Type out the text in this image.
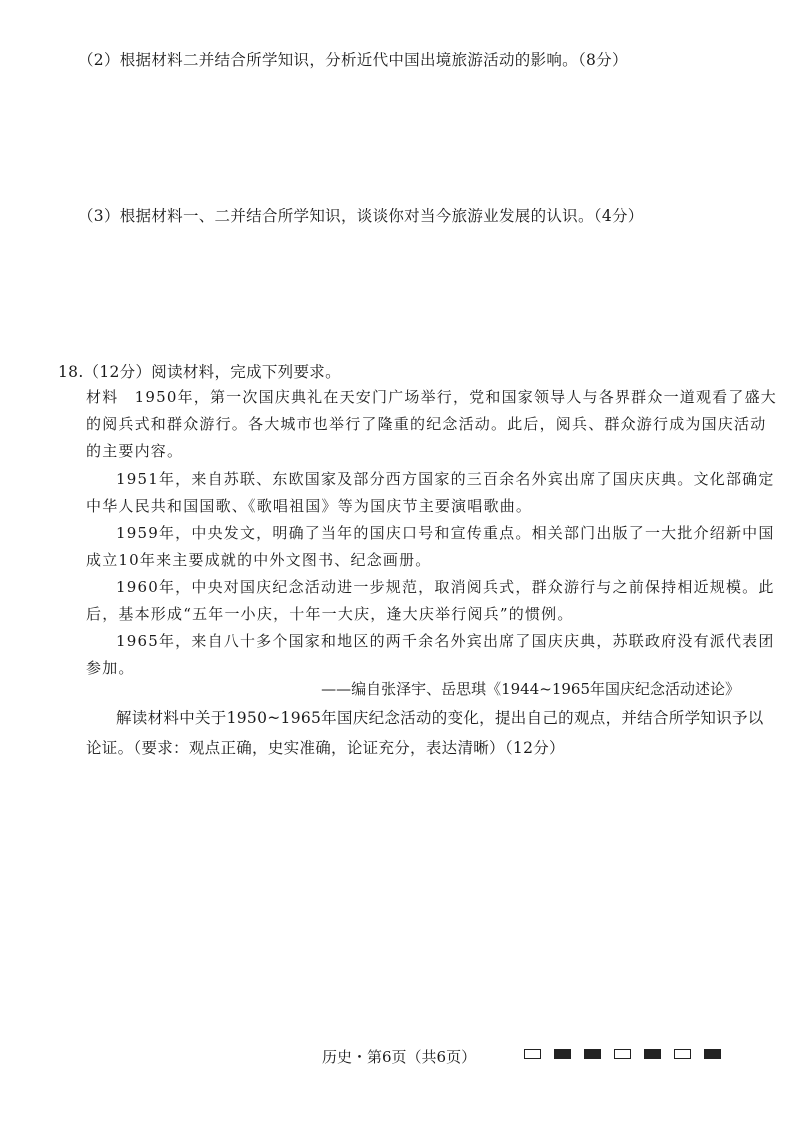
（2）根据材料二并结合所学知识，分析近代中国出境旅游活动的影响。（8分）
（3）根据材料一、二并结合所学知识，谈谈你对当今旅游业发展的认识。（4分）
18.（12分）阅读材料，完成下列要求。
材料　1950年，第一次国庆典礼在天安门广场举行，党和国家领导人与各界群众一道观看了盛大
的阅兵式和群众游行。各大城市也举行了隆重的纪念活动。此后，阅兵、群众游行成为国庆活动
的主要内容。
1951年，来自苏联、东欧国家及部分西方国家的三百余名外宾出席了国庆庆典。文化部确定
中华人民共和国国歌、《歌唱祖国》等为国庆节主要演唱歌曲。
1959年，中央发文，明确了当年的国庆口号和宣传重点。相关部门出版了一大批介绍新中国
成立10年来主要成就的中外文图书、纪念画册。
1960年，中央对国庆纪念活动进一步规范，取消阅兵式，群众游行与之前保持相近规模。此
后，基本形成“五年一小庆，十年一大庆，逢大庆举行阅兵”的惯例。
1965年，来自八十多个国家和地区的两千余名外宾出席了国庆庆典，苏联政府没有派代表团
参加。
——编自张泽宇、岳思琪《1944~1965年国庆纪念活动述论》
解读材料中关于1950~1965年国庆纪念活动的变化，提出自己的观点，并结合所学知识予以
论证。（要求：观点正确，史实准确，论证充分，表达清晰）（12分）
历史・第6页（共6页）
